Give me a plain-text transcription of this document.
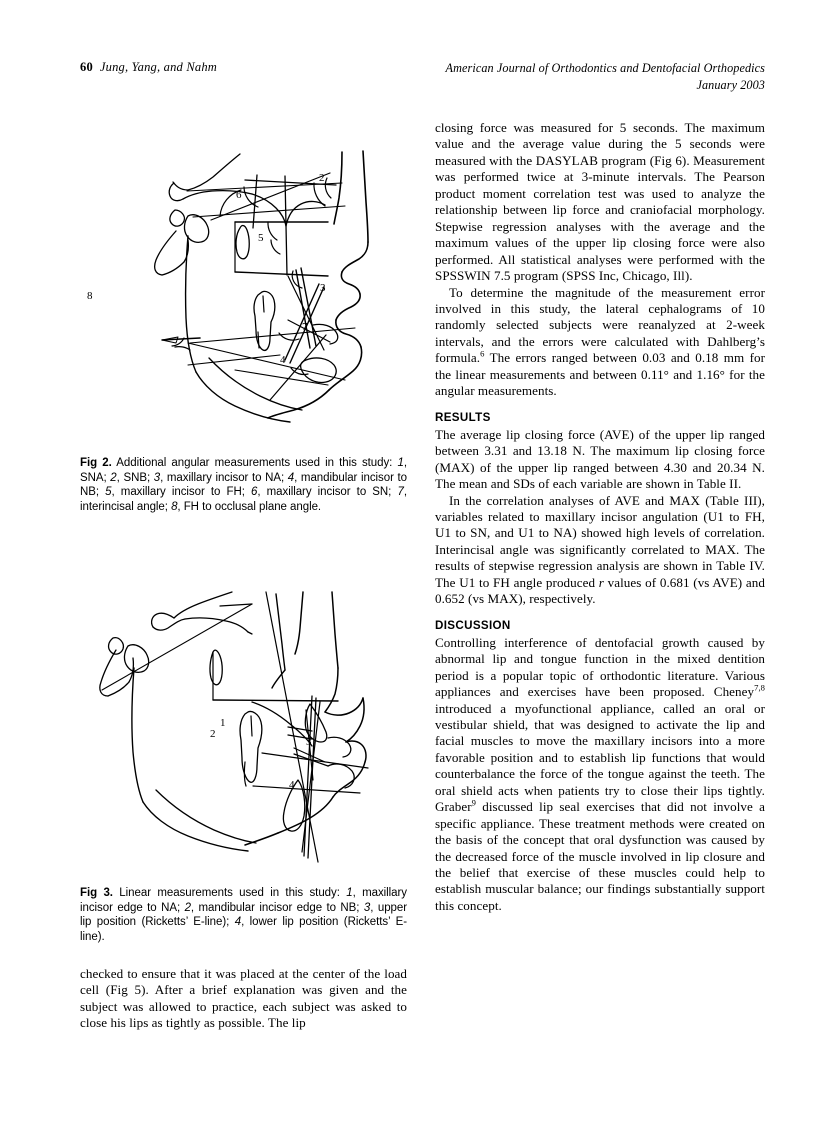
60 Jung, Yang, and Nahm	American Journal of Orthodontics and Dentofacial Orthopedics
January 2003
2
6
5
3
7
4
8

Fig 2. Additional angular measurements used in this study: 1, SNA; 2, SNB; 3, maxillary incisor to NA; 4, mandibular incisor to NB; 5, maxillary incisor to FH; 6, maxillary incisor to SN; 7, interincisal angle; 8, FH to occlusal plane angle.

3
4
1
2

Fig 3. Linear measurements used in this study: 1, maxillary incisor edge to NA; 2, mandibular incisor edge to NB; 3, upper lip position (Ricketts’ E-line); 4, lower lip position (Ricketts’ E-line).

checked to ensure that it was placed at the center of the load cell (Fig 5). After a brief explanation was given and the subject was allowed to practice, each subject was asked to close his lips as tightly as possible. The lip

closing force was measured for 5 seconds. The maximum value and the average value during the 5 seconds were measured with the DASYLAB program (Fig 6). Measurement was performed twice at 3-minute intervals. The Pearson product moment correlation test was used to analyze the relationship between lip force and craniofacial morphology. Stepwise regression analyses with the average and the maximum values of the upper lip closing force were also performed. All statistical analyses were performed with the SPSSWIN 7.5 program (SPSS Inc, Chicago, Ill).

To determine the magnitude of the measurement error involved in this study, the lateral cephalograms of 10 randomly selected subjects were reanalyzed at 2-week intervals, and the errors were calculated with Dahlberg’s formula.$^6$ The errors ranged between 0.03 and 0.18 mm for the linear measurements and between 0.11° and 1.16° for the angular measurements.

RESULTS

The average lip closing force (AVE) of the upper lip ranged between 3.31 and 13.18 N. The maximum lip closing force (MAX) of the upper lip ranged between 4.30 and 20.34 N. The mean and SDs of each variable are shown in Table II.

In the correlation analyses of AVE and MAX (Table III), variables related to maxillary incisor angulation (U1 to FH, U1 to SN, and U1 to NA) showed high levels of correlation. Interincisal angle was significantly correlated to MAX. The results of stepwise regression analysis are shown in Table IV. The U1 to FH angle produced r values of 0.681 (vs AVE) and 0.652 (vs MAX), respectively.

DISCUSSION

Controlling interference of dentofacial growth caused by abnormal lip and tongue function in the mixed dentition period is a popular topic of orthodontic literature. Various appliances and exercises have been proposed. Cheney$^{7,8}$ introduced a myofunctional appliance, called an oral or vestibular shield, that was designed to activate the lip and facial muscles to move the maxillary incisors into a more favorable position and to establish lip functions that would counterbalance the force of the tongue against the teeth. The oral shield acts when patients try to close their lips tightly. Graber$^9$ discussed lip seal exercises that did not involve a specific appliance. These treatment methods were created on the basis of the concept that oral dysfunction was caused by the decreased force of the muscle involved in lip closure and the belief that exercise of these muscles could help to establish muscular balance; our findings substantially support this concept.
